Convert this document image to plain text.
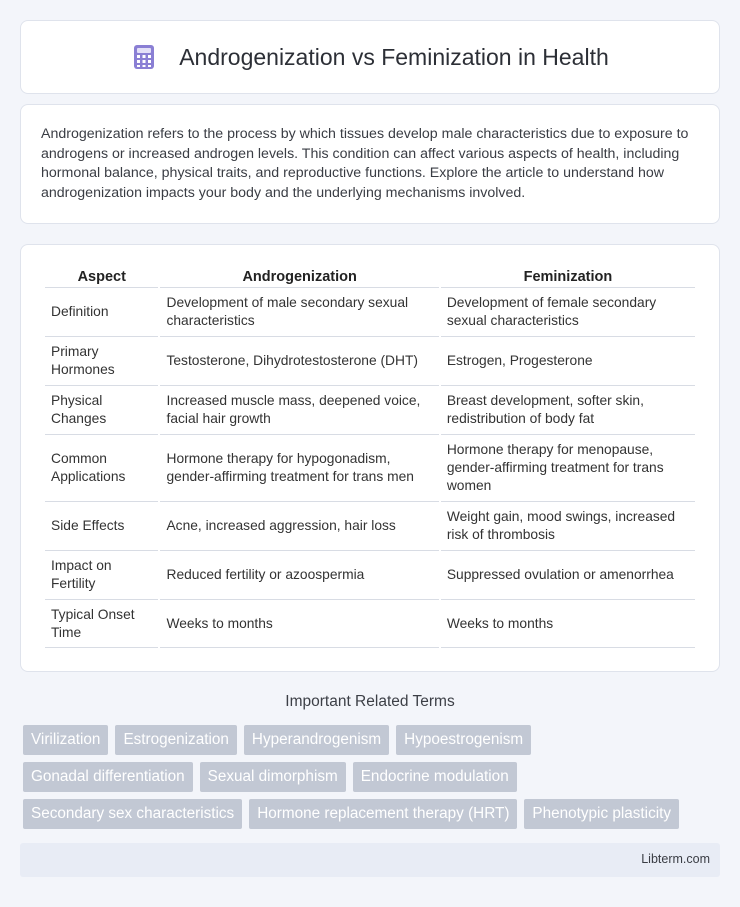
Androgenization vs Feminization in Health

Androgenization refers to the process by which tissues develop male characteristics due to exposure to androgens or increased androgen levels. This condition can affect various aspects of health, including hormonal balance, physical traits, and reproductive functions. Explore the article to understand how androgenization impacts your body and the underlying mechanisms involved.

Aspect	Androgenization	Feminization
Definition	Development of male secondary sexual characteristics	Development of female secondary sexual characteristics
Primary Hormones	Testosterone, Dihydrotestosterone (DHT)	Estrogen, Progesterone
Physical Changes	Increased muscle mass, deepened voice, facial hair growth	Breast development, softer skin, redistribution of body fat
Common Applications	Hormone therapy for hypogonadism, gender-affirming treatment for trans men	Hormone therapy for menopause, gender-affirming treatment for trans women
Side Effects	Acne, increased aggression, hair loss	Weight gain, mood swings, increased risk of thrombosis
Impact on Fertility	Reduced fertility or azoospermia	Suppressed ovulation or amenorrhea
Typical Onset Time	Weeks to months	Weeks to months
Important Related Terms
Virilization	Estrogenization	Hyperandrogenism	Hypoestrogenism
Gonadal differentiation	Sexual dimorphism	Endocrine modulation
Secondary sex characteristics	Hormone replacement therapy (HRT)	Phenotypic plasticity
Libterm.com
